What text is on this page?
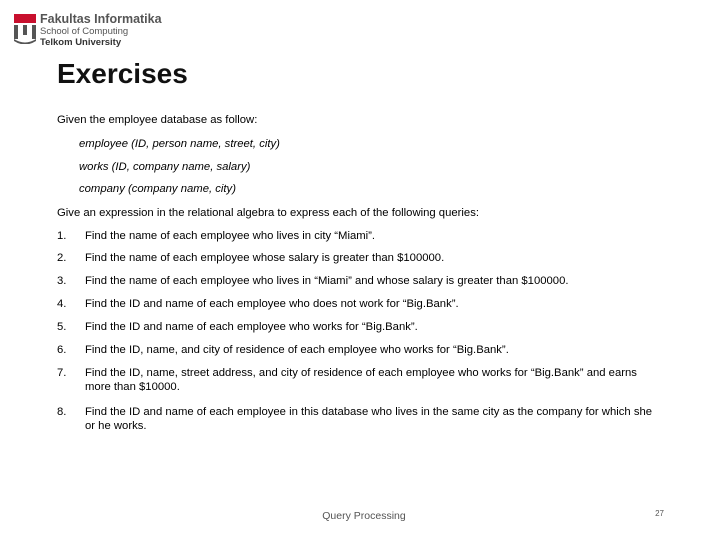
Fakultas Informatika
School of Computing
Telkom University
Exercises
Given the employee database as follow:
employee (ID, person name, street, city)
works (ID, company name, salary)
company (company name, city)
Give an expression in the relational algebra to express each of the following queries:
1.	Find the name of each employee who lives in city “Miami”.
2.	Find the name of each employee whose salary is greater than $100000.
3.	Find the name of each employee who lives in “Miami” and whose salary is greater than $100000.
4.	Find the ID and name of each employee who does not work for “Big.Bank”.
5.	Find the ID and name of each employee who works for “Big.Bank”.
6.	Find the ID, name, and city of residence of each employee who works for “Big.Bank”.
7.	Find the ID, name, street address, and city of residence of each employee who works for “Big.Bank” and earns more than $10000.
8.	Find the ID and name of each employee in this database who lives in the same city as the company for which she or he works.
Query Processing	27
